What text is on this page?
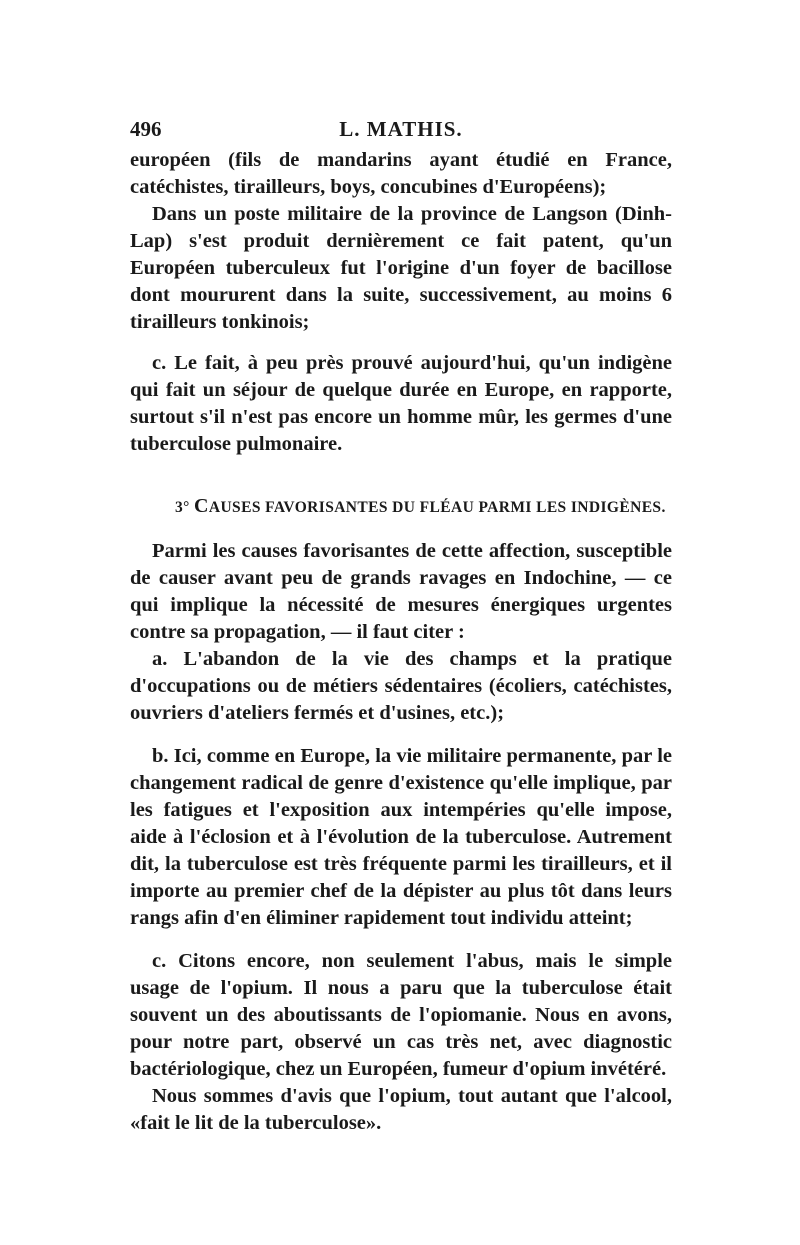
496	L. MATHIS.

européen (fils de mandarins ayant étudié en France, catéchistes, tirailleurs, boys, concubines d'Européens);

Dans un poste militaire de la province de Langson (Dinh-Lap) s'est produit dernièrement ce fait patent, qu'un Européen tuberculeux fut l'origine d'un foyer de bacillose dont moururent dans la suite, successivement, au moins 6 tirailleurs tonkinois;

c. Le fait, à peu près prouvé aujourd'hui, qu'un indigène qui fait un séjour de quelque durée en Europe, en rapporte, surtout s'il n'est pas encore un homme mûr, les germes d'une tuberculose pulmonaire.

3° CAUSES FAVORISANTES DU FLÉAU PARMI LES INDIGÈNES.

Parmi les causes favorisantes de cette affection, susceptible de causer avant peu de grands ravages en Indochine, — ce qui implique la nécessité de mesures énergiques urgentes contre sa propagation, — il faut citer :

a. L'abandon de la vie des champs et la pratique d'occupations ou de métiers sédentaires (écoliers, catéchistes, ouvriers d'ateliers fermés et d'usines, etc.);

b. Ici, comme en Europe, la vie militaire permanente, par le changement radical de genre d'existence qu'elle implique, par les fatigues et l'exposition aux intempéries qu'elle impose, aide à l'éclosion et à l'évolution de la tuberculose. Autrement dit, la tuberculose est très fréquente parmi les tirailleurs, et il importe au premier chef de la dépister au plus tôt dans leurs rangs afin d'en éliminer rapidement tout individu atteint;

c. Citons encore, non seulement l'abus, mais le simple usage de l'opium. Il nous a paru que la tuberculose était souvent un des aboutissants de l'opiomanie. Nous en avons, pour notre part, observé un cas très net, avec diagnostic bactériologique, chez un Européen, fumeur d'opium invétéré.

Nous sommes d'avis que l'opium, tout autant que l'alcool, «fait le lit de la tuberculose».
